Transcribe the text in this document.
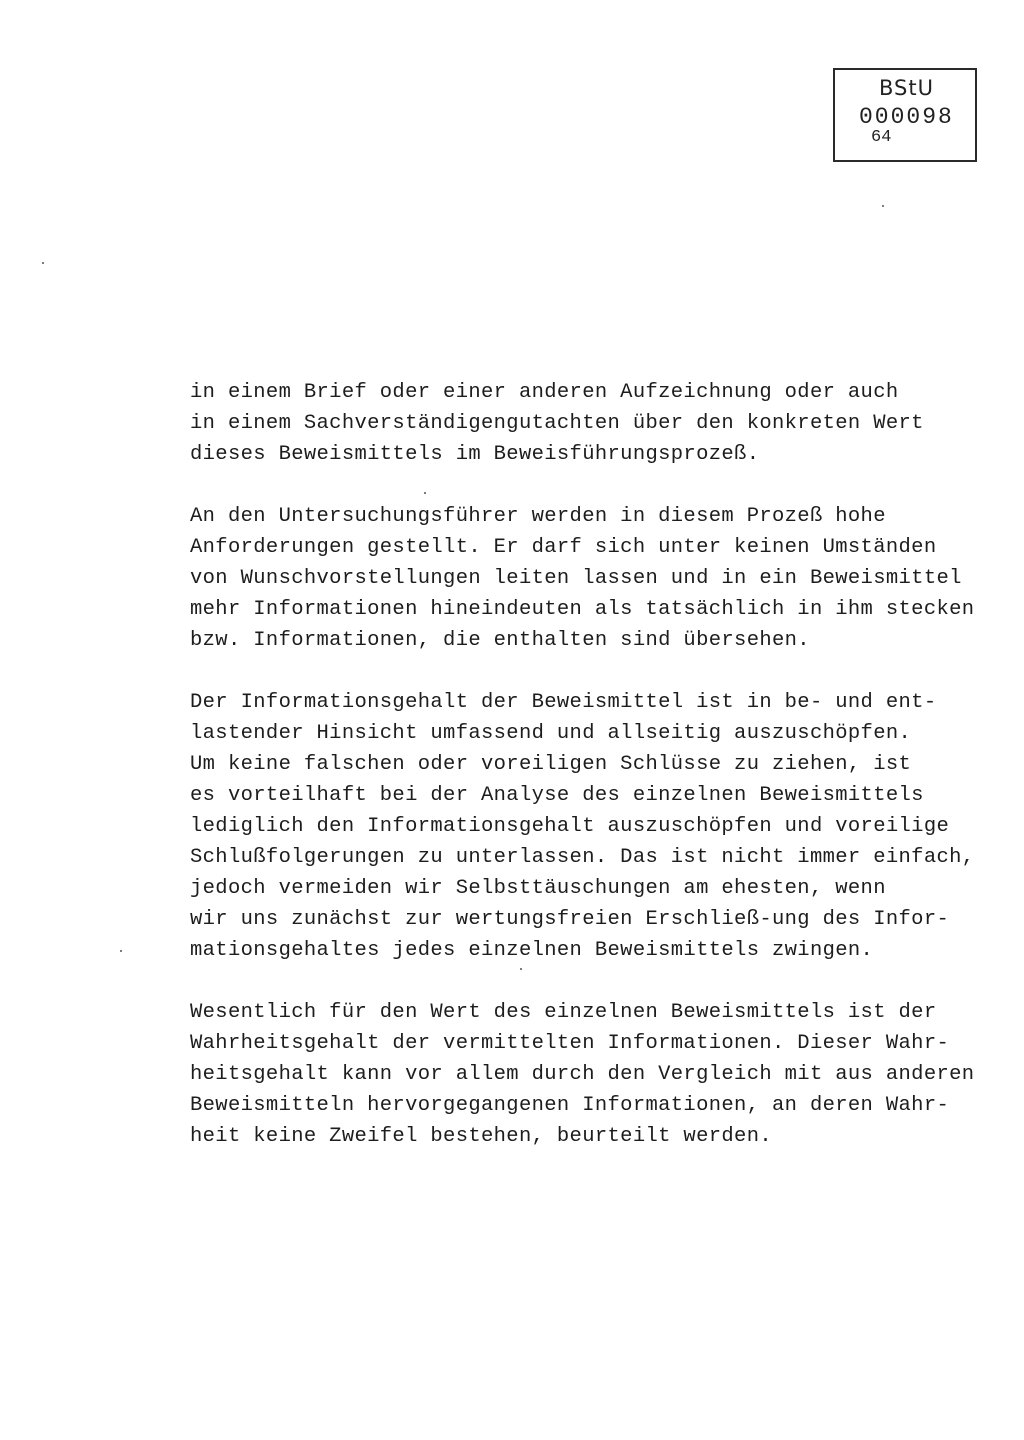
BStU
000098
64
in einem Brief oder einer anderen Aufzeichnung oder auch
in einem Sachverständigengutachten über den konkreten Wert
dieses Beweismittels im Beweisführungsprozeß.
An den Untersuchungsführer werden in diesem Prozeß hohe
Anforderungen gestellt. Er darf sich unter keinen Umständen
von Wunschvorstellungen leiten lassen und in ein Beweismittel
mehr Informationen hineindeuten als tatsächlich in ihm stecken
bzw. Informationen, die enthalten sind übersehen.
Der Informationsgehalt der Beweismittel ist in be- und ent-
lastender Hinsicht umfassend und allseitig auszuschöpfen.
Um keine falschen oder voreiligen Schlüsse zu ziehen, ist
es vorteilhaft bei der Analyse des einzelnen Beweismittels
lediglich den Informationsgehalt auszuschöpfen und voreilige
Schlußfolgerungen zu unterlassen. Das ist nicht immer einfach,
jedoch vermeiden wir Selbsttäuschungen am ehesten, wenn
wir uns zunächst zur wertungsfreien Erschließ-ung des Infor-
mationsgehaltes jedes einzelnen Beweismittels zwingen.
Wesentlich für den Wert des einzelnen Beweismittels ist der
Wahrheitsgehalt der vermittelten Informationen. Dieser Wahr-
heitsgehalt kann vor allem durch den Vergleich mit aus anderen
Beweismitteln hervorgegangenen Informationen, an deren Wahr-
heit keine Zweifel bestehen, beurteilt werden.
